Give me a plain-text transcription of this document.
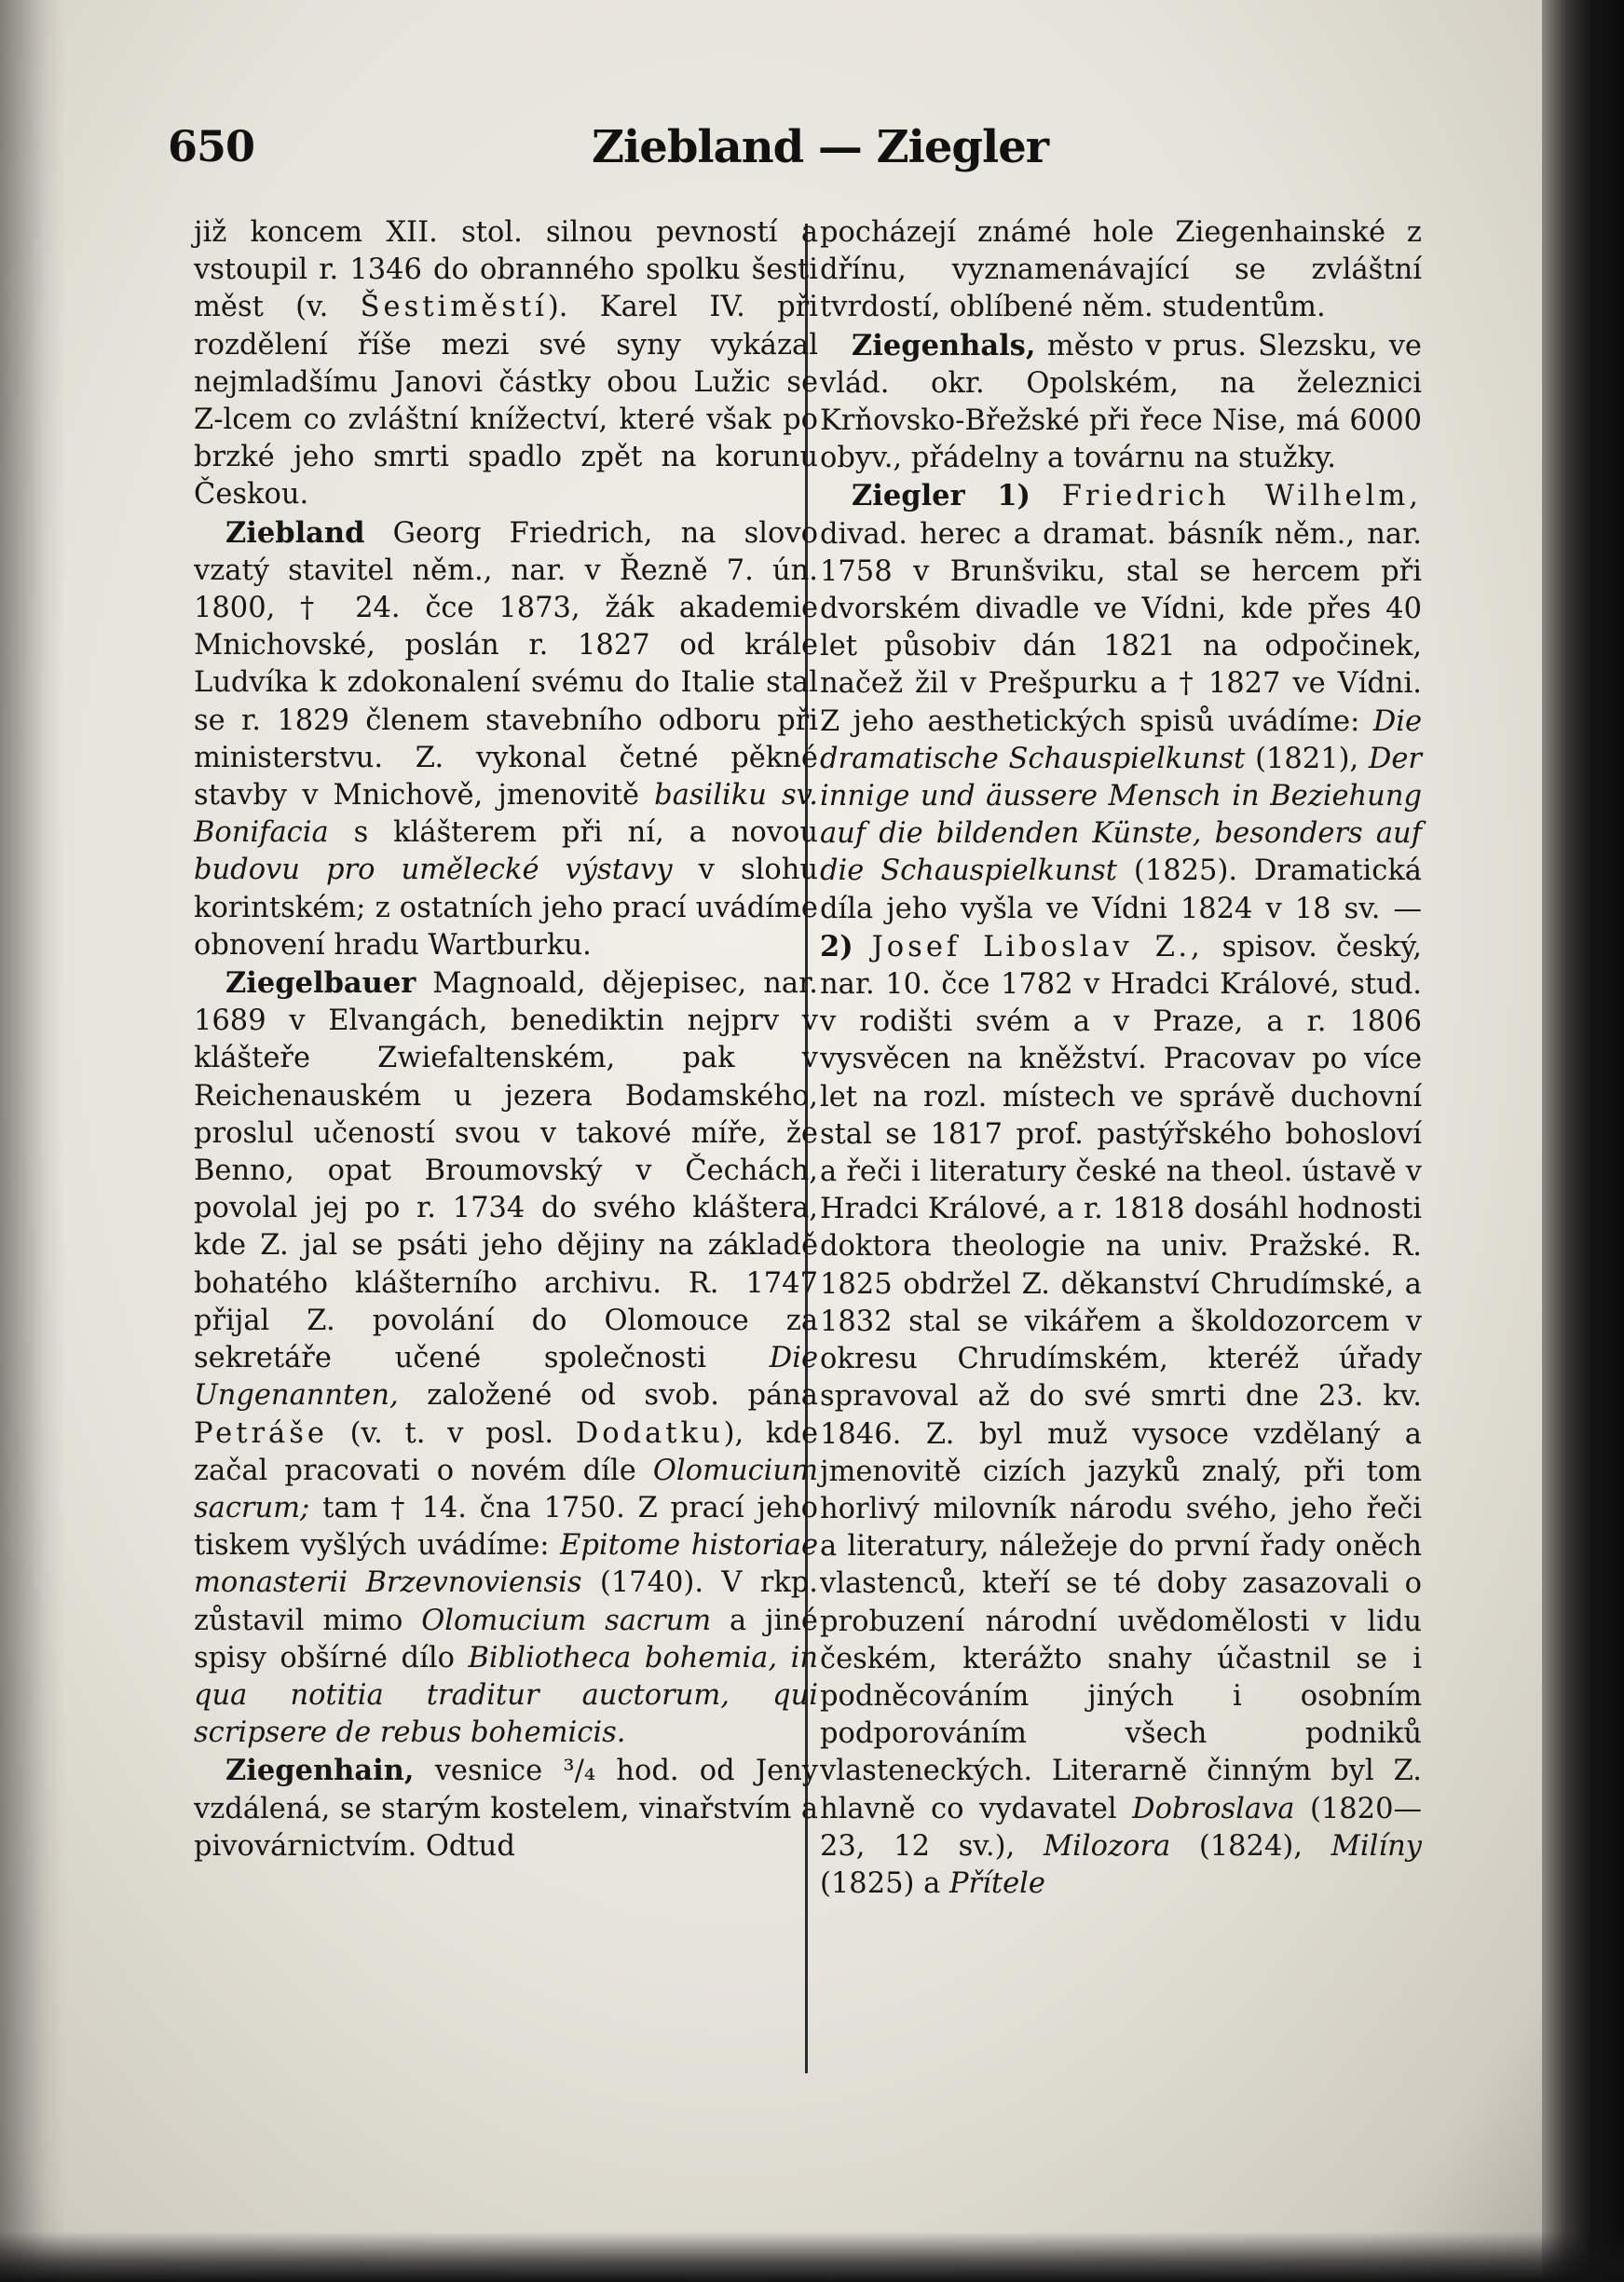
650	Ziebland — Ziegler

již koncem XII. stol. silnou pevností a vstoupil r. 1346 do obranného spolku šesti měst (v. Šestiměstí). Karel IV. při rozdělení říše mezi své syny vykázal nejmladšímu Janovi částky obou Lužic se Z-lcem co zvláštní knížectví, které však po brzké jeho smrti spadlo zpět na korunu Českou.

Ziebland Georg Friedrich, na slovo vzatý stavitel něm., nar. v Řezně 7. ún. 1800, † 24. čce 1873, žák akademie Mnichovské, poslán r. 1827 od krále Ludvíka k zdokonalení svému do Italie stal se r. 1829 členem stavebního odboru při ministerstvu. Z. vykonal četné pěkné stavby v Mnichově, jmenovitě basiliku sv. Bonifacia s klášterem při ní, a novou budovu pro umělecké výstavy v slohu korintském; z ostatních jeho prací uvádíme obnovení hradu Wartburku.

Ziegelbauer Magnoald, dějepisec, nar. 1689 v Elvangách, benediktin nejprv v klášteře Zwiefaltenském, pak v Reichenauském u jezera Bodamského, proslul učeností svou v takové míře, že Benno, opat Broumovský v Čechách, povolal jej po r. 1734 do svého kláštera, kde Z. jal se psáti jeho dějiny na základě bohatého klášterního archivu. R. 1747 přijal Z. povolání do Olomouce za sekretáře učené společnosti Die Ungenannten, založené od svob. pána Petráše (v. t. v posl. Dodatku), kde začal pracovati o novém díle Olomucium sacrum; tam † 14. čna 1750. Z prací jeho tiskem vyšlých uvádíme: Epitome historiae monasterii Brzevnoviensis (1740). V rkp. zůstavil mimo Olomucium sacrum a jiné spisy obšírné dílo Bibliotheca bohemia, in qua notitia traditur auctorum, qui scripsere de rebus bohemicis.

Ziegenhain, vesnice ³/₄ hod. od Jeny vzdálená, se starým kostelem, vinařstvím a pivovárnictvím. Odtud

pocházejí známé hole Ziegenhainské z dřínu, vyznamenávající se zvláštní tvrdostí, oblíbené něm. studentům.

Ziegenhals, město v prus. Slezsku, ve vlád. okr. Opolském, na železnici Krňovsko-Břežské při řece Nise, má 6000 obyv., přádelny a továrnu na stužky.

Ziegler 1) Friedrich Wilhelm, divad. herec a dramat. básník něm., nar. 1758 v Brunšviku, stal se hercem při dvorském divadle ve Vídni, kde přes 40 let působiv dán 1821 na odpočinek, načež žil v Prešpurku a † 1827 ve Vídni. Z jeho aesthetických spisů uvádíme: Die dramatische Schauspielkunst (1821), Der innige und äussere Mensch in Beziehung auf die bildenden Künste, besonders auf die Schauspielkunst (1825). Dramatická díla jeho vyšla ve Vídni 1824 v 18 sv. — 2) Josef Liboslav Z., spisov. český, nar. 10. čce 1782 v Hradci Králové, stud. v rodišti svém a v Praze, a r. 1806 vysvěcen na kněžství. Pracovav po více let na rozl. místech ve správě duchovní stal se 1817 prof. pastýřského bohosloví a řeči i literatury české na theol. ústavě v Hradci Králové, a r. 1818 dosáhl hodnosti doktora theologie na univ. Pražské. R. 1825 obdržel Z. děkanství Chrudímské, a 1832 stal se vikářem a školdozorcem v okresu Chrudímském, kteréž úřady spravoval až do své smrti dne 23. kv. 1846. Z. byl muž vysoce vzdělaný a jmenovitě cizích jazyků znalý, při tom horlivý milovník národu svého, jeho řeči a literatury, náležeje do první řady oněch vlastenců, kteří se té doby zasazovali o probuzení národní uvědomělosti v lidu českém, kterážto snahy účastnil se i podněcováním jiných i osobním podporováním všech podniků vlasteneckých. Literarně činným byl Z. hlavně co vydavatel Dobroslava (1820—23, 12 sv.), Milozora (1824), Milíny (1825) a Přítele
